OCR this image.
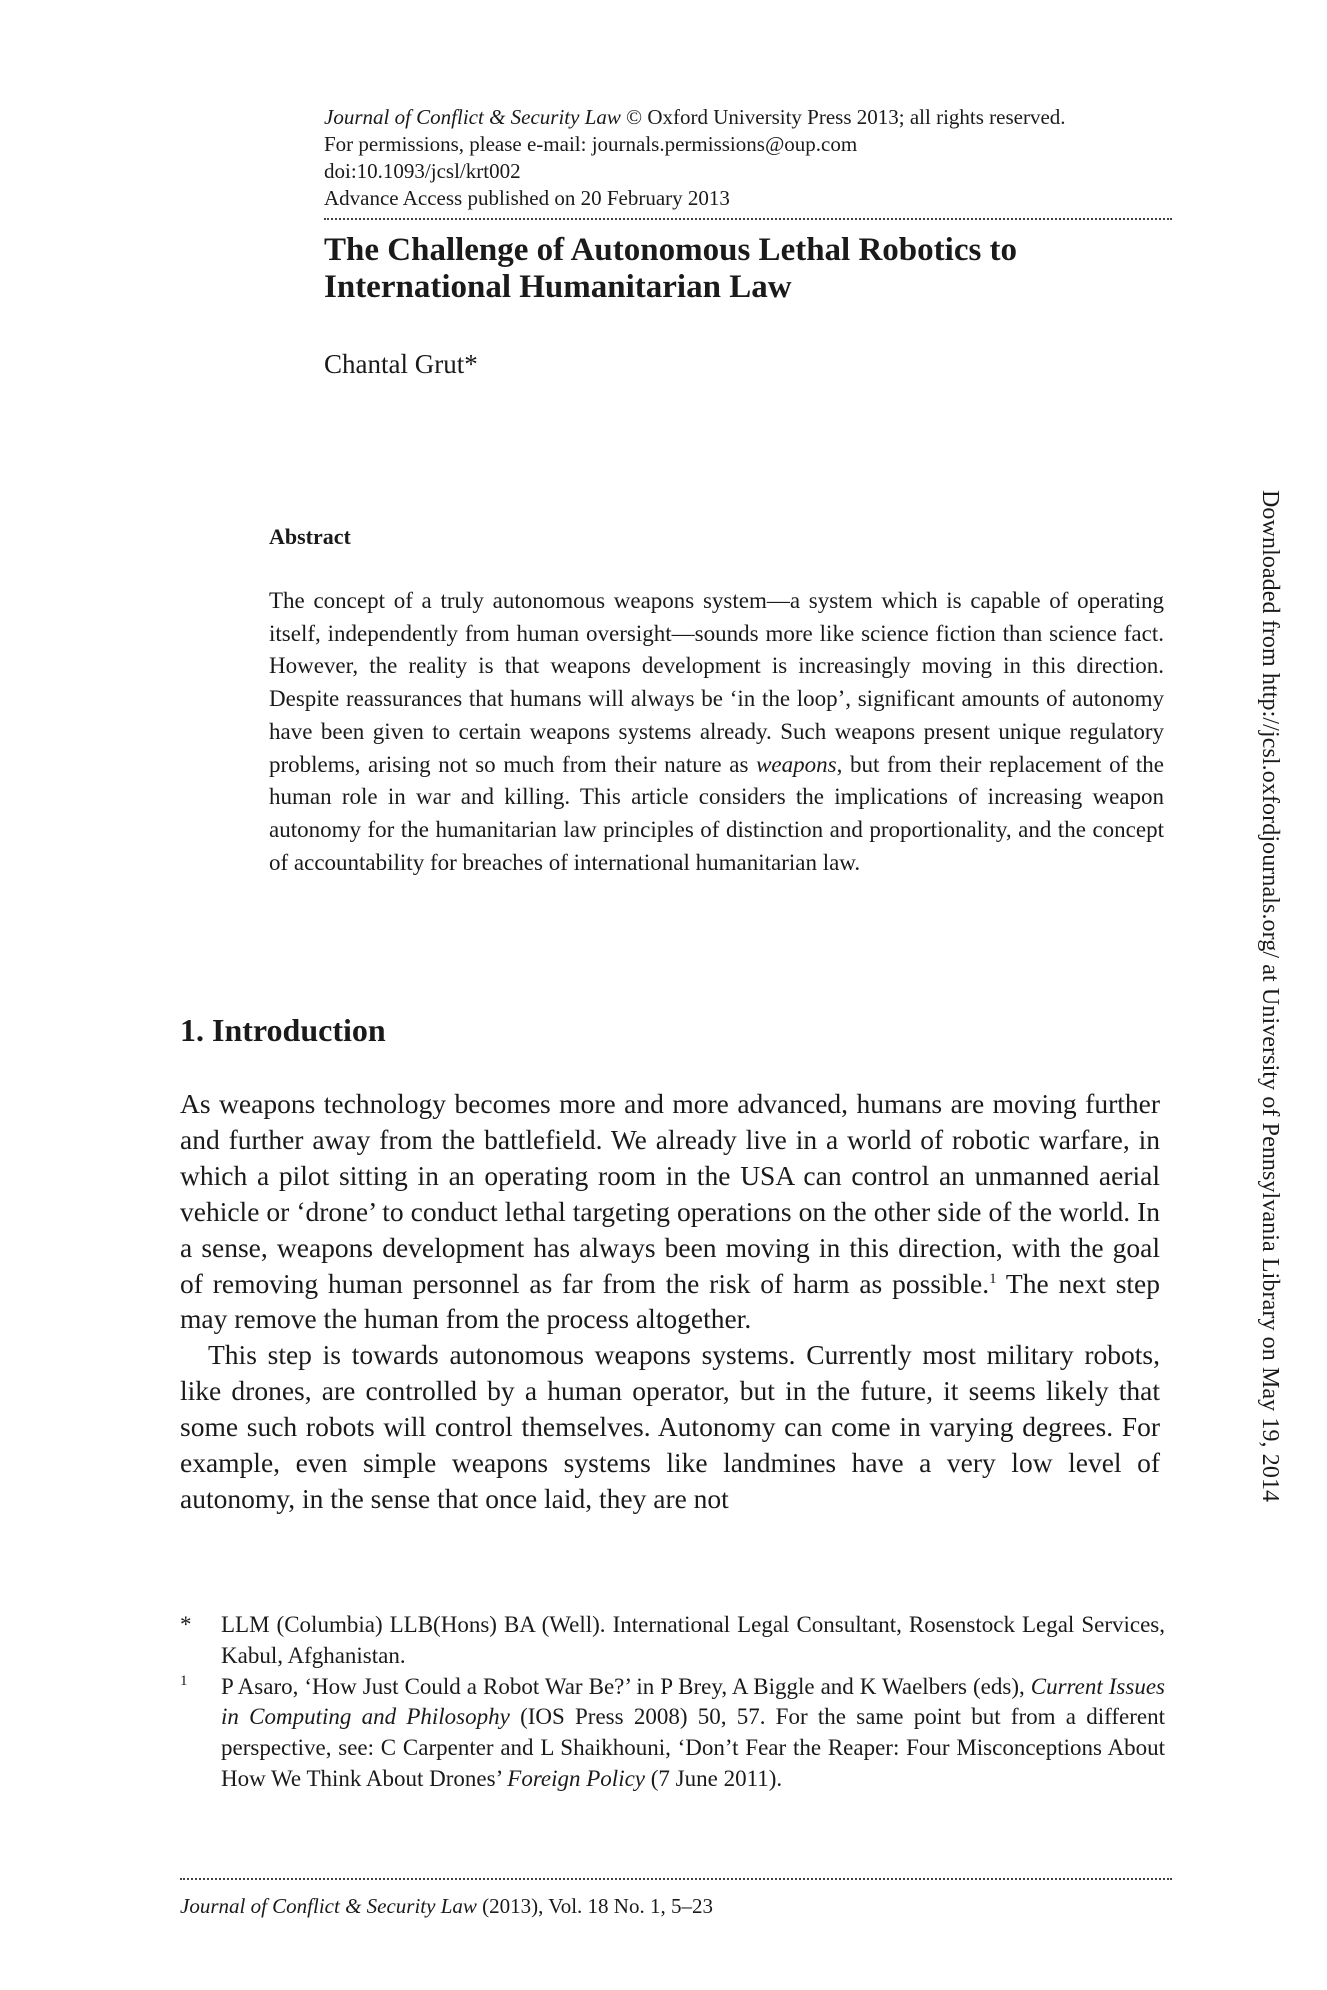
Journal of Conflict & Security Law © Oxford University Press 2013; all rights reserved.
For permissions, please e-mail: journals.permissions@oup.com
doi:10.1093/jcsl/krt002
Advance Access published on 20 February 2013
The Challenge of Autonomous Lethal Robotics to
International Humanitarian Law
Chantal Grut*
Abstract
The concept of a truly autonomous weapons system—a system which is capable of operating itself, independently from human oversight—sounds more like science fiction than science fact. However, the reality is that weapons development is increasingly moving in this direction. Despite reassurances that humans will always be ‘in the loop’, significant amounts of autonomy have been given to certain weapons systems already. Such weapons present unique regulatory problems, arising not so much from their nature as weapons, but from their replacement of the human role in war and killing. This article considers the implications of increasing weapon autonomy for the humanitarian law principles of distinction and proportionality, and the concept of accountability for breaches of international humanitarian law.
1. Introduction

As weapons technology becomes more and more advanced, humans are moving further and further away from the battlefield. We already live in a world of robotic warfare, in which a pilot sitting in an operating room in the USA can control an unmanned aerial vehicle or ‘drone’ to conduct lethal targeting operations on the other side of the world. In a sense, weapons development has always been moving in this direction, with the goal of removing human personnel as far from the risk of harm as possible.$^1$ The next step may remove the human from the process altogether.

This step is towards autonomous weapons systems. Currently most military robots, like drones, are controlled by a human operator, but in the future, it seems likely that some such robots will control themselves. Autonomy can come in varying degrees. For example, even simple weapons systems like landmines have a very low level of autonomy, in the sense that once laid, they are not

* LLM (Columbia) LLB(Hons) BA (Well). International Legal Consultant, Rosenstock Legal Services, Kabul, Afghanistan.
1 P Asaro, ‘How Just Could a Robot War Be?’ in P Brey, A Biggle and K Waelbers (eds), Current Issues in Computing and Philosophy (IOS Press 2008) 50, 57. For the same point but from a different perspective, see: C Carpenter and L Shaikhouni, ‘Don’t Fear the Reaper: Four Misconceptions About How We Think About Drones’ Foreign Policy (7 June 2011).
Journal of Conflict & Security Law (2013), Vol. 18 No. 1, 5–23
Downloaded from http://jcsl.oxfordjournals.org/ at University of Pennsylvania Library on May 19, 2014
